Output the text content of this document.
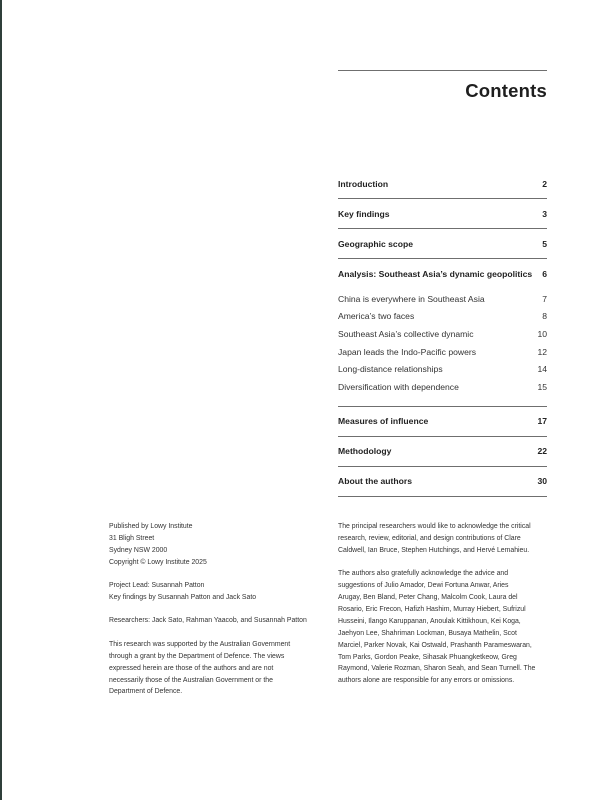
Contents
Introduction	2
Key findings	3
Geographic scope	5
Analysis: Southeast Asia’s dynamic geopolitics 6
China is everywhere in Southeast Asia	7
America’s two faces	8
Southeast Asia’s collective dynamic	10
Japan leads the Indo-Pacific powers	12
Long-distance relationships	14
Diversification with dependence	15
Measures of influence	17
Methodology	22
About the authors	30
Published by Lowy Institute
31 Bligh Street
Sydney NSW 2000
Copyright © Lowy Institute 2025
Project Lead: Susannah Patton
Key findings by Susannah Patton and Jack Sato
Researchers: Jack Sato, Rahman Yaacob, and Susannah Patton
This research was supported by the Australian Government
through a grant by the Department of Defence. The views
expressed herein are those of the authors and are not
necessarily those of the Australian Government or the
Department of Defence.
The principal researchers would like to acknowledge the critical
research, review, editorial, and design contributions of Clare
Caldwell, Ian Bruce, Stephen Hutchings, and Hervé Lemahieu.
The authors also gratefully acknowledge the advice and
suggestions of Julio Amador, Dewi Fortuna Anwar, Aries
Arugay, Ben Bland, Peter Chang, Malcolm Cook, Laura del
Rosario, Eric Frecon, Hafizh Hashim, Murray Hiebert, Sufrizul
Husseini, Ilango Karuppanan, Anoulak Kittikhoun, Kei Koga,
Jaehyon Lee, Shahriman Lockman, Busaya Mathelin, Scot
Marciel, Parker Novak, Kai Ostwald, Prashanth Parameswaran,
Tom Parks, Gordon Peake, Sihasak Phuangketkeow, Greg
Raymond, Valerie Rozman, Sharon Seah, and Sean Turnell. The
authors alone are responsible for any errors or omissions.
